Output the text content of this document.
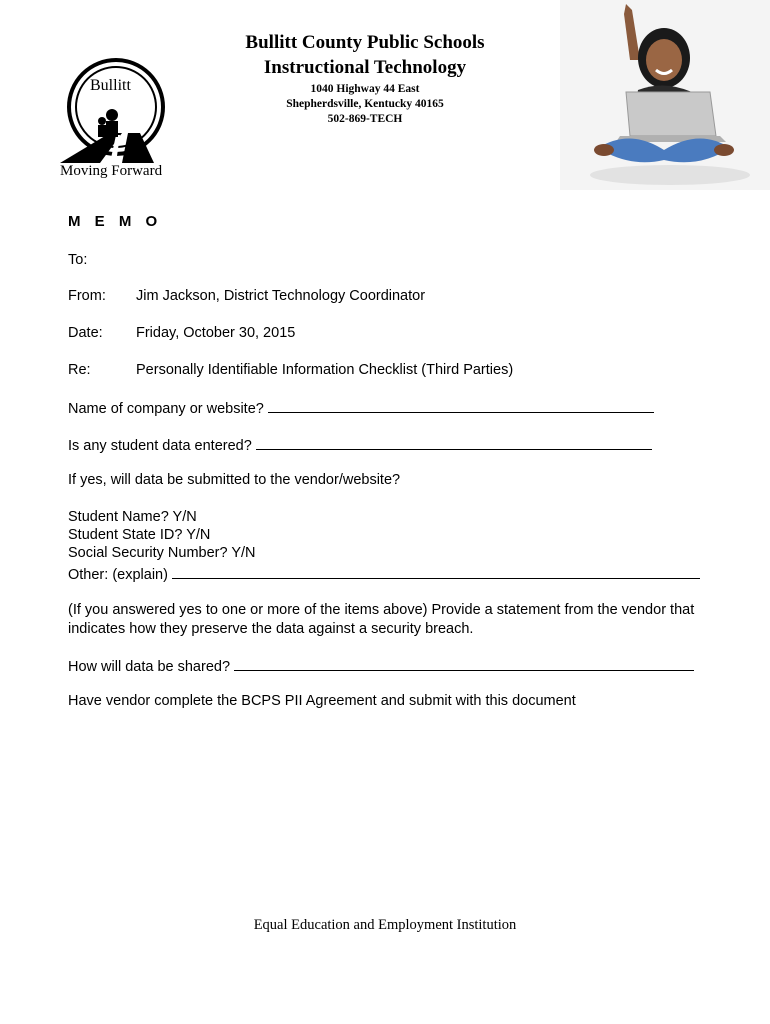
Bullitt County Public Schools
Instructional Technology
1040 Highway 44 East
Shepherdsville, Kentucky 40165
502-869-TECH
Bullitt
Moving Forward
M E M O
To:
From: Jim Jackson, District Technology Coordinator
Date: Friday, October 30, 2015
Re:	Personally Identifiable Information Checklist (Third Parties)
Name of company or website?
Is any student data entered?
If yes, will data be submitted to the vendor/website?
Student Name? Y/N
Student State ID? Y/N
Social Security Number? Y/N
Other: (explain)
(If you answered yes to one or more of the items above) Provide a statement from the vendor that indicates how they preserve the data against a security breach.
How will data be shared?
Have vendor complete the BCPS PII Agreement and submit with this document
Equal Education and Employment Institution
